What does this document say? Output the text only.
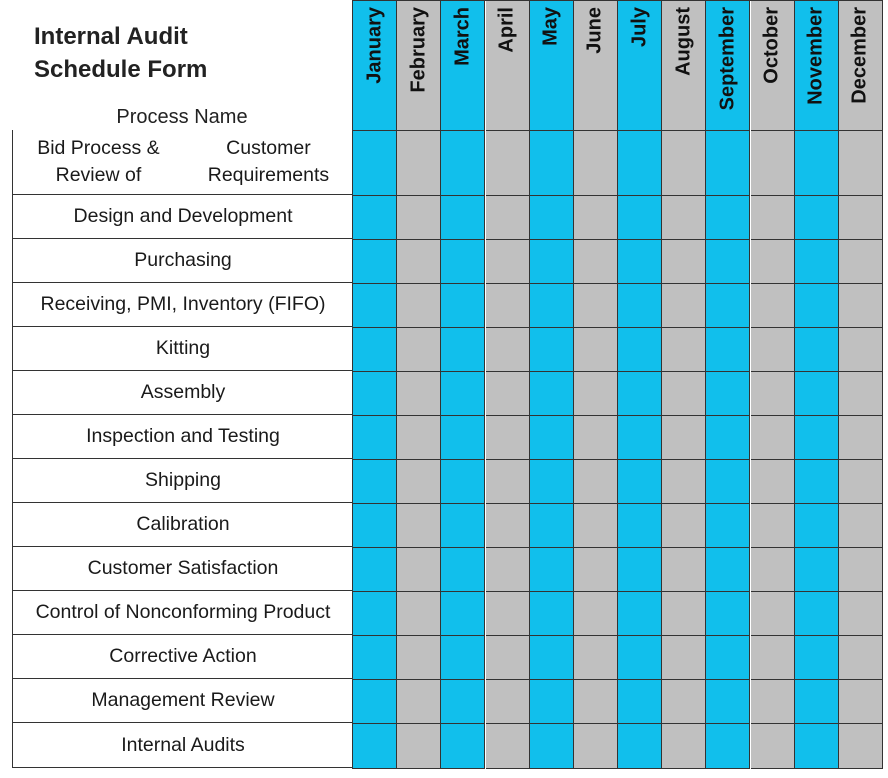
Internal Audit
Schedule Form
Process Name
Bid Process & Review of
Customer Requirements
Design and Development
Purchasing
Receiving, PMI, Inventory (FIFO)
Kitting
Assembly
Inspection and Testing
Shipping
Calibration
Customer Satisfaction
Control of Nonconforming Product
Corrective Action
Management Review
Internal Audits
January February March April May June July August September October November December
